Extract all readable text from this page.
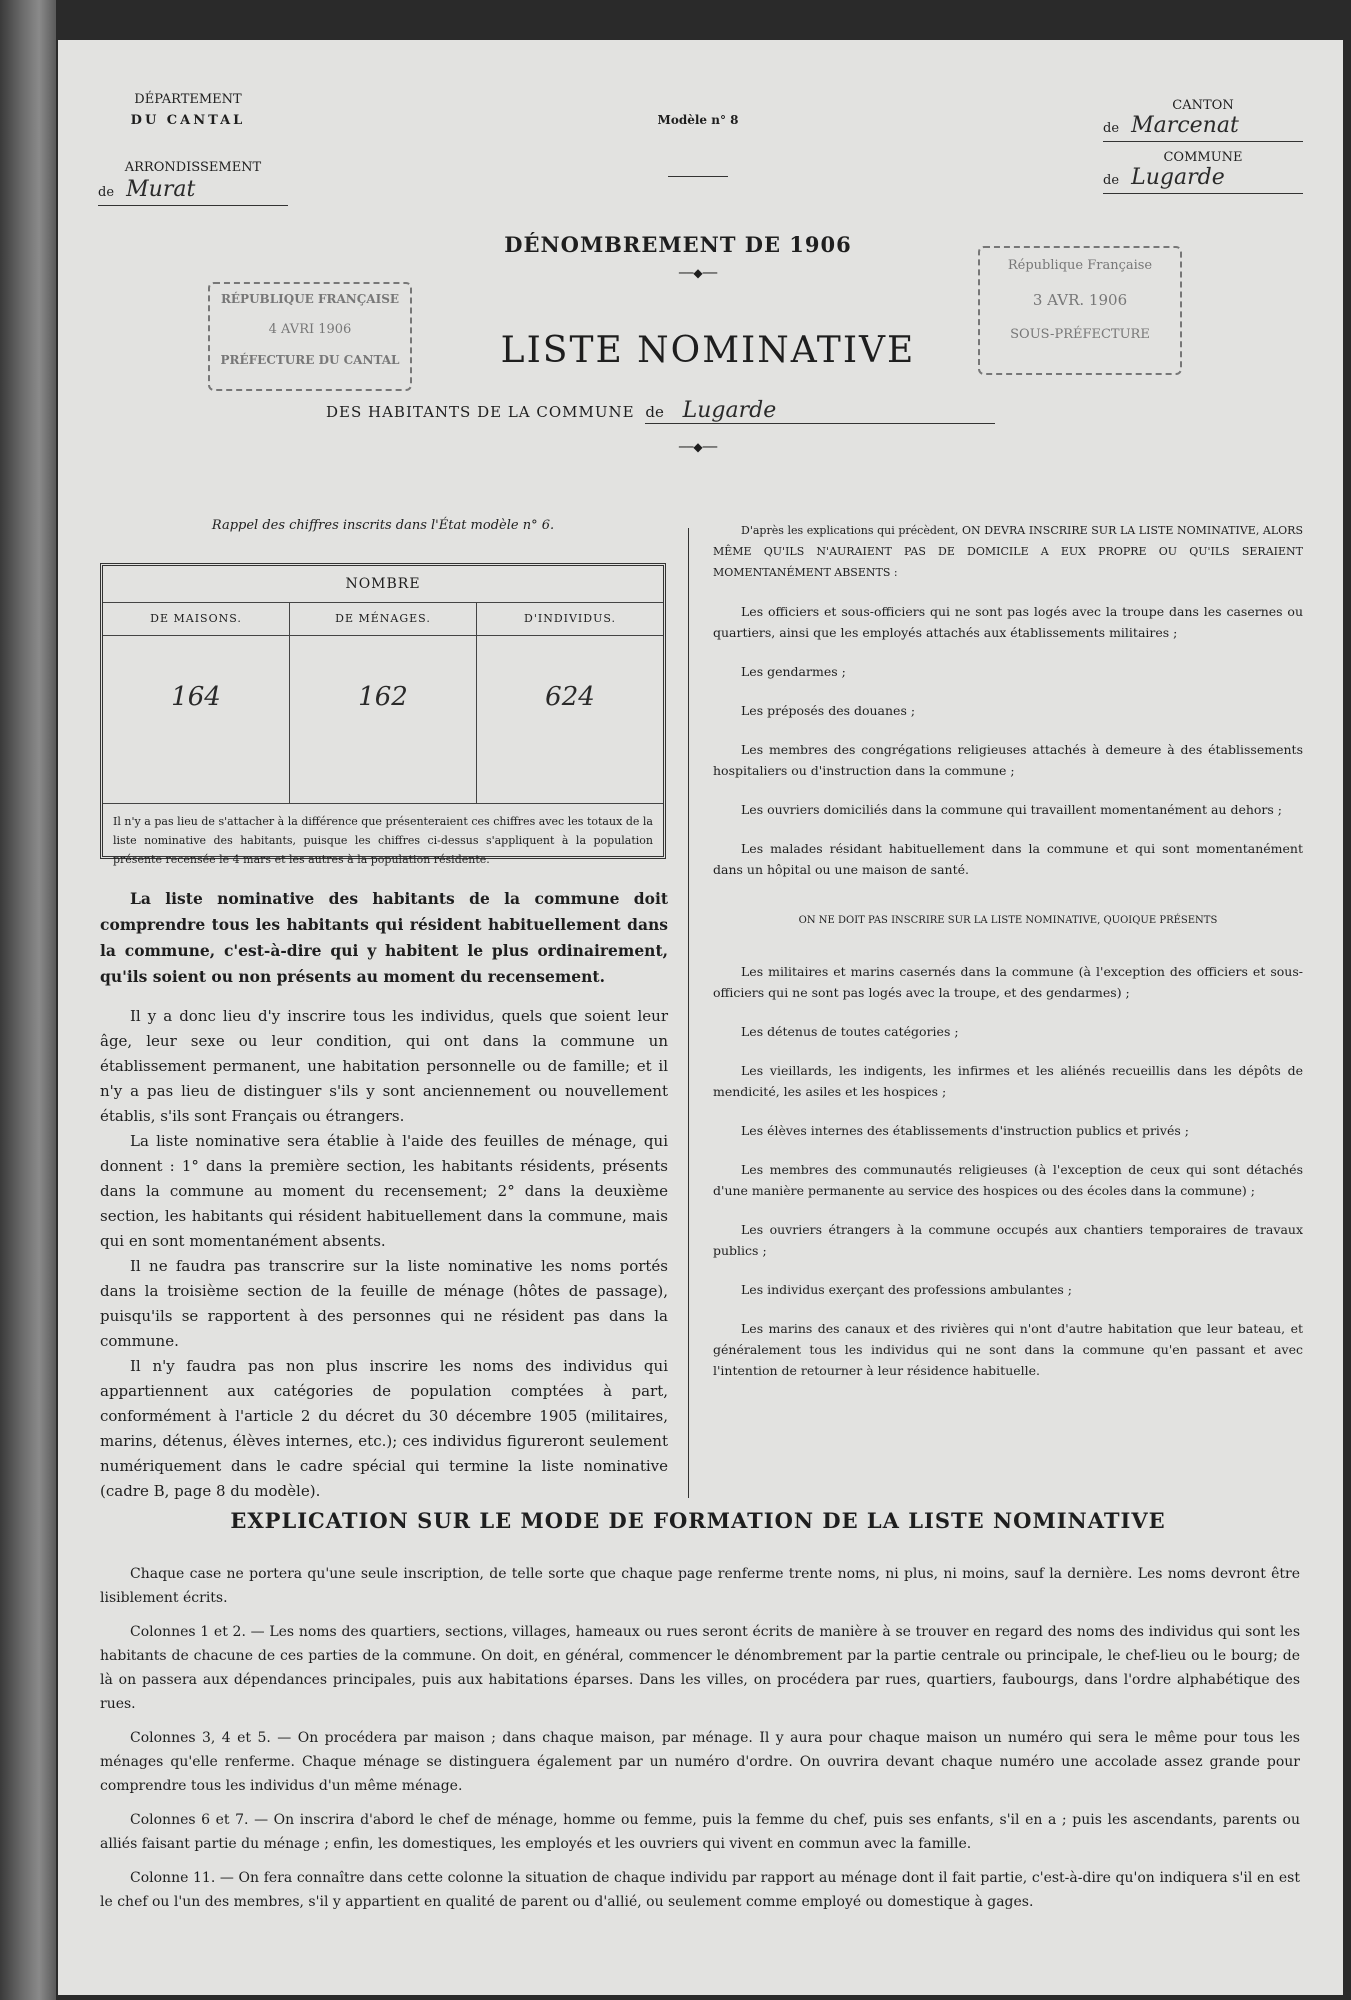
DÉPARTEMENT
DU CANTAL
ARRONDISSEMENT
de Murat
Modèle n° 8
CANTON
de Marcenat
COMMUNE
de Lugarde
DÉNOMBREMENT DE 1906
──◆──
LISTE NOMINATIVE
DES HABITANTS DE LA COMMUNE de Lugarde
──◆──
RÉPUBLIQUE FRANÇAISE
4 AVRI 1906
PRÉFECTURE DU CANTAL
République Française
3 AVR. 1906
SOUS-PRÉFECTURE
Rappel des chiffres inscrits dans l'État modèle n° 6.
NOMBRE
DE MAISONS.
164
DE MÉNAGES.
162
D'INDIVIDUS.
624
Il n'y a pas lieu de s'attacher à la différence que présenteraient ces chiffres avec les totaux de la liste nominative des habitants, puisque les chiffres ci-dessus s'appliquent à la population présente recensée le 4 mars et les autres à la population résidente.
La liste nominative des habitants de la commune doit comprendre tous les habitants qui résident habituellement dans la commune, c'est-à-dire qui y habitent le plus ordinairement, qu'ils soient ou non présents au moment du recensement.
Il y a donc lieu d'y inscrire tous les individus, quels que soient leur âge, leur sexe ou leur condition, qui ont dans la commune un établissement permanent, une habitation personnelle ou de famille; et il n'y a pas lieu de distinguer s'ils y sont anciennement ou nouvellement établis, s'ils sont Français ou étrangers.
La liste nominative sera établie à l'aide des feuilles de ménage, qui donnent : 1° dans la première section, les habitants résidents, présents dans la commune au moment du recensement; 2° dans la deuxième section, les habitants qui résident habituellement dans la commune, mais qui en sont momentanément absents.
Il ne faudra pas transcrire sur la liste nominative les noms portés dans la troisième section de la feuille de ménage (hôtes de passage), puisqu'ils se rapportent à des personnes qui ne résident pas dans la commune.
Il n'y faudra pas non plus inscrire les noms des individus qui appartiennent aux catégories de population comptées à part, conformément à l'article 2 du décret du 30 décembre 1905 (militaires, marins, détenus, élèves internes, etc.); ces individus figureront seulement numériquement dans le cadre spécial qui termine la liste nominative (cadre B, page 8 du modèle).

D'après les explications qui précèdent, ON DEVRA INSCRIRE SUR LA LISTE NOMINATIVE, ALORS MÊME QU'ILS N'AURAIENT PAS DE DOMICILE A EUX PROPRE OU QU'ILS SERAIENT MOMENTANÉMENT ABSENTS :

Les officiers et sous-officiers qui ne sont pas logés avec la troupe dans les casernes ou quartiers, ainsi que les employés attachés aux établissements militaires ;

Les gendarmes ;

Les préposés des douanes ;

Les membres des congrégations religieuses attachés à demeure à des établissements hospitaliers ou d'instruction dans la commune ;

Les ouvriers domiciliés dans la commune qui travaillent momentanément au dehors ;

Les malades résidant habituellement dans la commune et qui sont momentanément dans un hôpital ou une maison de santé.

ON NE DOIT PAS INSCRIRE SUR LA LISTE NOMINATIVE, QUOIQUE PRÉSENTS

Les militaires et marins casernés dans la commune (à l'exception des officiers et sous-officiers qui ne sont pas logés avec la troupe, et des gendarmes) ;

Les détenus de toutes catégories ;

Les vieillards, les indigents, les infirmes et les aliénés recueillis dans les dépôts de mendicité, les asiles et les hospices ;

Les élèves internes des établissements d'instruction publics et privés ;

Les membres des communautés religieuses (à l'exception de ceux qui sont détachés d'une manière permanente au service des hospices ou des écoles dans la commune) ;

Les ouvriers étrangers à la commune occupés aux chantiers temporaires de travaux publics ;

Les individus exerçant des professions ambulantes ;

Les marins des canaux et des rivières qui n'ont d'autre habitation que leur bateau, et généralement tous les individus qui ne sont dans la commune qu'en passant et avec l'intention de retourner à leur résidence habituelle.

EXPLICATION SUR LE MODE DE FORMATION DE LA LISTE NOMINATIVE

Chaque case ne portera qu'une seule inscription, de telle sorte que chaque page renferme trente noms, ni plus, ni moins, sauf la dernière. Les noms devront être lisiblement écrits.

Colonnes 1 et 2. — Les noms des quartiers, sections, villages, hameaux ou rues seront écrits de manière à se trouver en regard des noms des individus qui sont les habitants de chacune de ces parties de la commune. On doit, en général, commencer le dénombrement par la partie centrale ou principale, le chef-lieu ou le bourg; de là on passera aux dépendances principales, puis aux habitations éparses. Dans les villes, on procédera par rues, quartiers, faubourgs, dans l'ordre alphabétique des rues.

Colonnes 3, 4 et 5. — On procédera par maison ; dans chaque maison, par ménage. Il y aura pour chaque maison un numéro qui sera le même pour tous les ménages qu'elle renferme. Chaque ménage se distinguera également par un numéro d'ordre. On ouvrira devant chaque numéro une accolade assez grande pour comprendre tous les individus d'un même ménage.

Colonnes 6 et 7. — On inscrira d'abord le chef de ménage, homme ou femme, puis la femme du chef, puis ses enfants, s'il en a ; puis les ascendants, parents ou alliés faisant partie du ménage ; enfin, les domestiques, les employés et les ouvriers qui vivent en commun avec la famille.

Colonne 11. — On fera connaître dans cette colonne la situation de chaque individu par rapport au ménage dont il fait partie, c'est-à-dire qu'on indiquera s'il en est le chef ou l'un des membres, s'il y appartient en qualité de parent ou d'allié, ou seulement comme employé ou domestique à gages.
